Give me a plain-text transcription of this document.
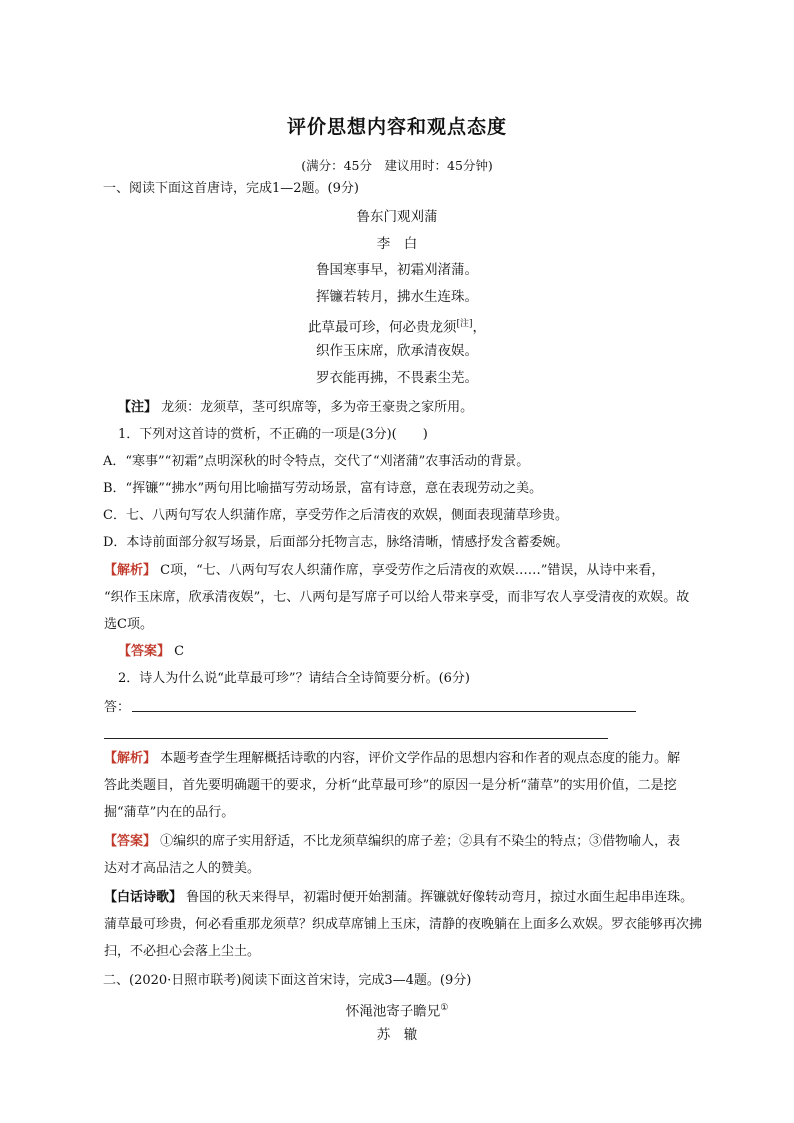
评价思想内容和观点态度
(满分：45分　建议用时：45分钟)
一、阅读下面这首唐诗，完成1—2题。(9分)
鲁东门观刈蒲
李　白
鲁国寒事早，初霜刈渚蒲。
挥镰若转月，拂水生连珠。
此草最可珍，何必贵龙须[注]，
织作玉床席，欣承清夜娱。
罗衣能再拂，不畏素尘芜。
【注】 龙须：龙须草，茎可织席等，多为帝王豪贵之家所用。
1．下列对这首诗的赏析，不正确的一项是(3分)(　　)
A．“寒事”“初霜”点明深秋的时令特点，交代了“刈渚蒲”农事活动的背景。
B．“挥镰”“拂水”两句用比喻描写劳动场景，富有诗意，意在表现劳动之美。
C．七、八两句写农人织蒲作席，享受劳作之后清夜的欢娱，侧面表现蒲草珍贵。
D．本诗前面部分叙写场景，后面部分托物言志，脉络清晰，情感抒发含蓄委婉。
【解析】 C项，“七、八两句写农人织蒲作席，享受劳作之后清夜的欢娱……”错误，从诗中来看，
“织作玉床席，欣承清夜娱”，七、八两句是写席子可以给人带来享受，而非写农人享受清夜的欢娱。故
选C项。
【答案】 C
2．诗人为什么说“此草最可珍”？请结合全诗简要分析。(6分)
答：
【解析】 本题考查学生理解概括诗歌的内容，评价文学作品的思想内容和作者的观点态度的能力。解
答此类题目，首先要明确题干的要求，分析“此草最可珍”的原因一是分析“蒲草”的实用价值，二是挖
掘“蒲草”内在的品行。
【答案】 ①编织的席子实用舒适，不比龙须草编织的席子差；②具有不染尘的特点；③借物喻人，表
达对才高品洁之人的赞美。
【白话诗歌】 鲁国的秋天来得早，初霜时便开始割蒲。挥镰就好像转动弯月，掠过水面生起串串连珠。
蒲草最可珍贵，何必看重那龙须草？织成草席铺上玉床，清静的夜晚躺在上面多么欢娱。罗衣能够再次拂
扫，不必担心会落上尘土。
二、(2020·日照市联考)阅读下面这首宋诗，完成3—4题。(9分)
怀渑池寄子瞻兄①
苏　辙
